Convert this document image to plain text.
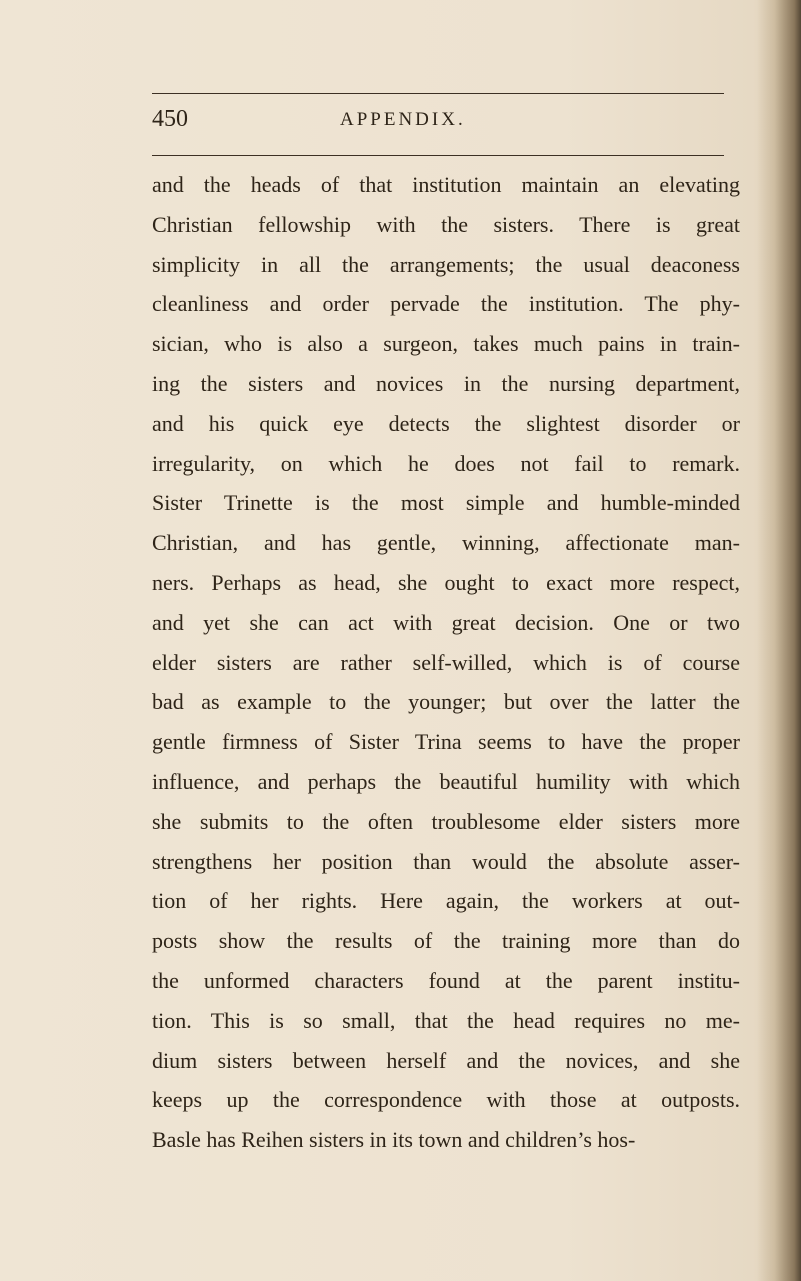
450	APPENDIX.

and the heads of that institution maintain an elevating
Christian fellowship with the sisters. There is great
simplicity in all the arrangements; the usual deaconess
cleanliness and order pervade the institution. The phy-
sician, who is also a surgeon, takes much pains in train-
ing the sisters and novices in the nursing department,
and his quick eye detects the slightest disorder or
irregularity, on which he does not fail to remark.
Sister Trinette is the most simple and humble-minded
Christian, and has gentle, winning, affectionate man-
ners. Perhaps as head, she ought to exact more respect,
and yet she can act with great decision. One or two
elder sisters are rather self-willed, which is of course
bad as example to the younger; but over the latter the
gentle firmness of Sister Trina seems to have the proper
influence, and perhaps the beautiful humility with which
she submits to the often troublesome elder sisters more
strengthens her position than would the absolute asser-
tion of her rights. Here again, the workers at out-
posts show the results of the training more than do
the unformed characters found at the parent institu-
tion. This is so small, that the head requires no me-
dium sisters between herself and the novices, and she
keeps up the correspondence with those at outposts.
Basle has Reihen sisters in its town and children’s hos-
